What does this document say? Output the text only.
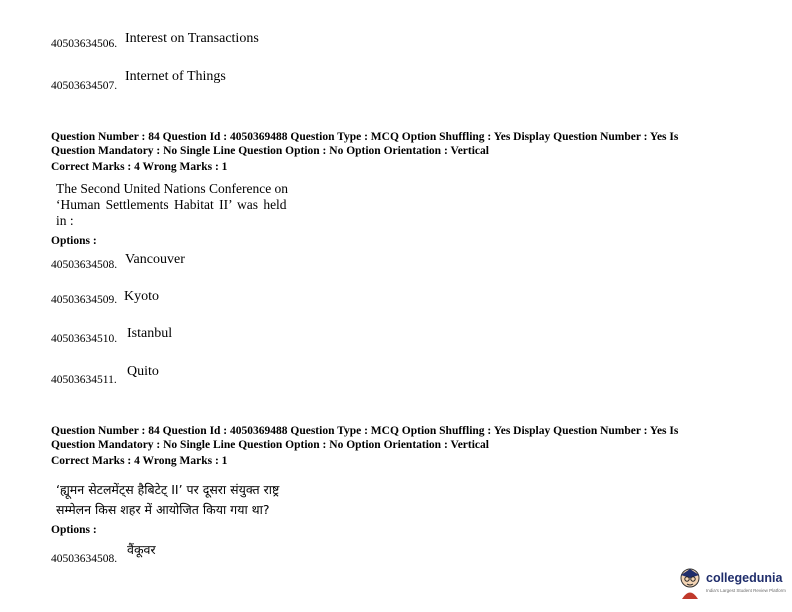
40503634506. Interest on Transactions
40503634507.
Internet of Things
Question Number : 84 Question Id : 4050369488 Question Type : MCQ Option Shuffling : Yes Display Question Number : Yes Is
Question Mandatory : No Single Line Question Option : No Option Orientation : Vertical
Correct Marks : 4 Wrong Marks : 1
The Second United Nations Conference on
‘Human Settlements Habitat II’ was held
in :
Options :
40503634508. Vancouver
40503634509. Kyoto
40503634510. Istanbul
40503634511.
Quito
Question Number : 84 Question Id : 4050369488 Question Type : MCQ Option Shuffling : Yes Display Question Number : Yes Is
Question Mandatory : No Single Line Question Option : No Option Orientation : Vertical
Correct Marks : 4 Wrong Marks : 1
‘ह्यूमन सेटलमेंट्स हैबिटेट् II’ पर दूसरा संयुक्त राष्ट्र
सम्मेलन किस शहर में आयोजित किया गया था?
Options :
40503634508.
वैंकूवर
collegedunia
India's Largest Student Review Platform
